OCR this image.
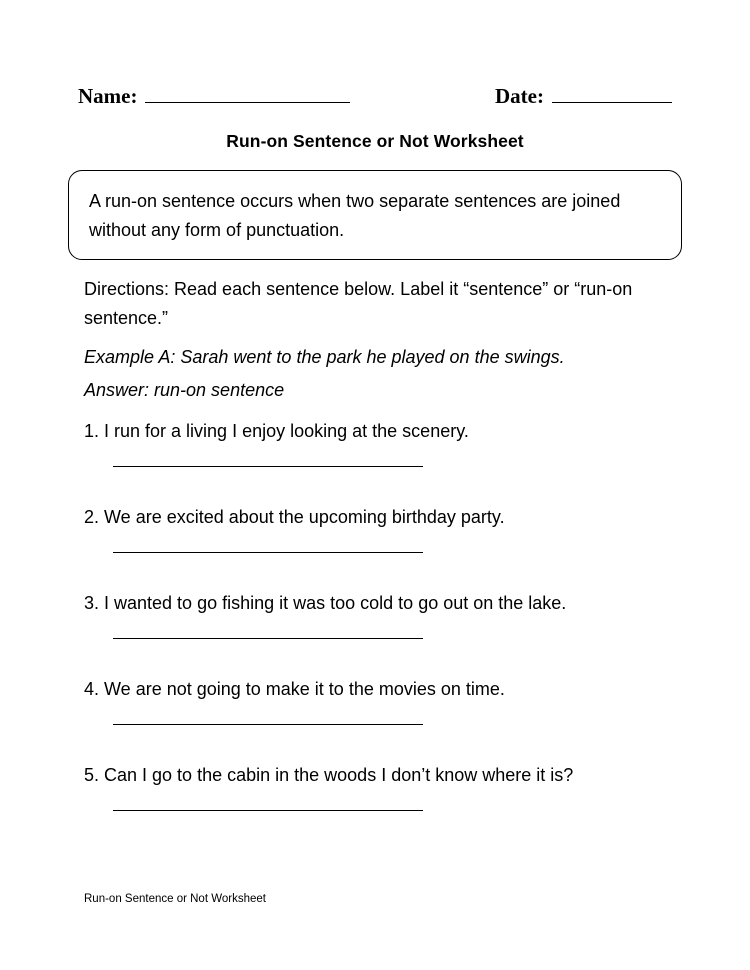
Name:	Date:
Run-on Sentence or Not Worksheet
A run-on sentence occurs when two separate sentences are joined without any form of punctuation.
Directions: Read each sentence below. Label it “sentence” or “run-on sentence.”
Example A: Sarah went to the park he played on the swings.
Answer: run-on sentence
1. I run for a living I enjoy looking at the scenery.
2. We are excited about the upcoming birthday party.
3. I wanted to go fishing it was too cold to go out on the lake.
4. We are not going to make it to the movies on time.
5. Can I go to the cabin in the woods I don’t know where it is?
Run-on Sentence or Not Worksheet
